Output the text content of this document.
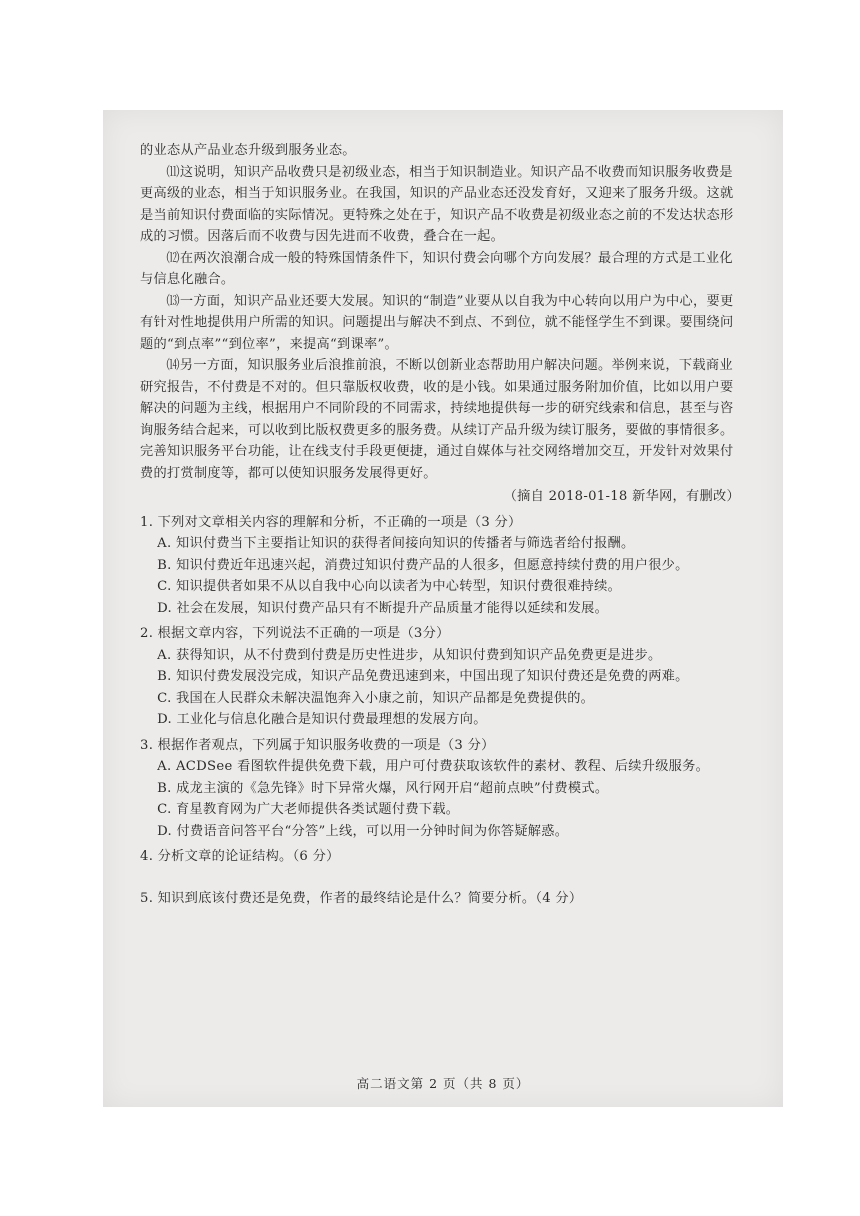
的业态从产品业态升级到服务业态。

⑾这说明，知识产品收费只是初级业态，相当于知识制造业。知识产品不收费而知识服务收费是更高级的业态，相当于知识服务业。在我国，知识的产品业态还没发育好，又迎来了服务升级。这就是当前知识付费面临的实际情况。更特殊之处在于，知识产品不收费是初级业态之前的不发达状态形成的习惯。因落后而不收费与因先进而不收费，叠合在一起。

⑿在两次浪潮合成一般的特殊国情条件下，知识付费会向哪个方向发展？最合理的方式是工业化与信息化融合。

⒀一方面，知识产品业还要大发展。知识的“制造”业要从以自我为中心转向以用户为中心，要更有针对性地提供用户所需的知识。问题提出与解决不到点、不到位，就不能怪学生不到课。要围绕问题的“到点率”“到位率”，来提高“到课率”。

⒁另一方面，知识服务业后浪推前浪，不断以创新业态帮助用户解决问题。举例来说，下载商业研究报告，不付费是不对的。但只靠版权收费，收的是小钱。如果通过服务附加价值，比如以用户要解决的问题为主线，根据用户不同阶段的不同需求，持续地提供每一步的研究线索和信息，甚至与咨询服务结合起来，可以收到比版权费更多的服务费。从续订产品升级为续订服务，要做的事情很多。完善知识服务平台功能，让在线支付手段更便捷，通过自媒体与社交网络增加交互，开发针对效果付费的打赏制度等，都可以使知识服务发展得更好。

（摘自 2018-01-18 新华网，有删改）

1. 下列对文章相关内容的理解和分析，不正确的一项是（3 分）
A. 知识付费当下主要指让知识的获得者间接向知识的传播者与筛选者给付报酬。
B. 知识付费近年迅速兴起，消费过知识付费产品的人很多，但愿意持续付费的用户很少。
C. 知识提供者如果不从以自我中心向以读者为中心转型，知识付费很难持续。
D. 社会在发展，知识付费产品只有不断提升产品质量才能得以延续和发展。
2. 根据文章内容，下列说法不正确的一项是（3分）
A. 获得知识，从不付费到付费是历史性进步，从知识付费到知识产品免费更是进步。
B. 知识付费发展没完成，知识产品免费迅速到来，中国出现了知识付费还是免费的两难。
C. 我国在人民群众未解决温饱奔入小康之前，知识产品都是免费提供的。
D. 工业化与信息化融合是知识付费最理想的发展方向。
3. 根据作者观点，下列属于知识服务收费的一项是（3 分）
A. ACDSee 看图软件提供免费下载，用户可付费获取该软件的素材、教程、后续升级服务。
B. 成龙主演的《急先锋》时下异常火爆，风行网开启“超前点映”付费模式。
C. 育星教育网为广大老师提供各类试题付费下载。
D. 付费语音问答平台“分答”上线，可以用一分钟时间为你答疑解惑。
4. 分析文章的论证结构。（6 分）
5. 知识到底该付费还是免费，作者的最终结论是什么？简要分析。（4 分）
高二语文第 2 页（共 8 页）
